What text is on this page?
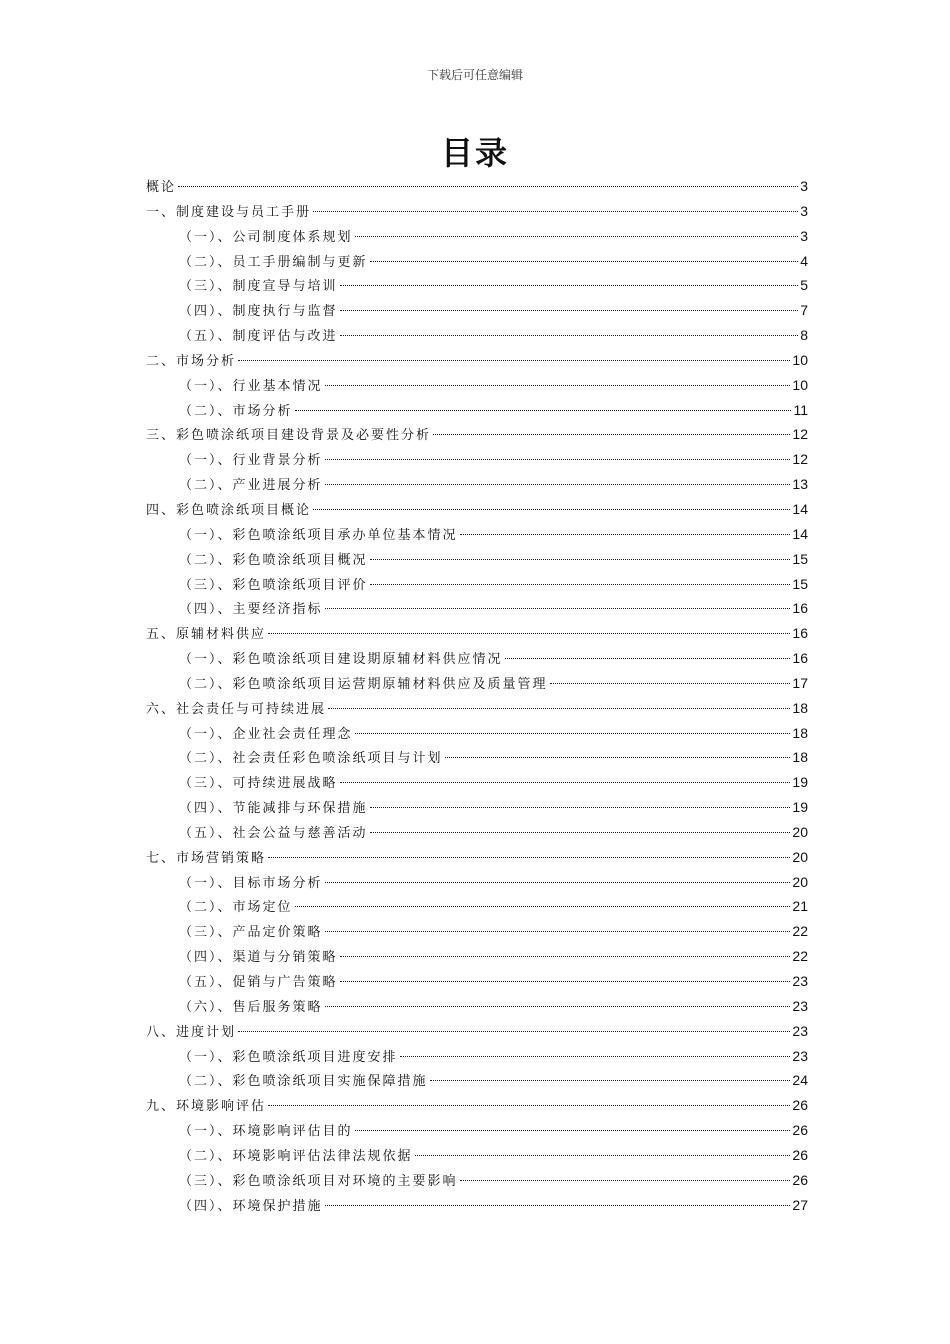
下载后可任意编辑
目录
概论	3
一、制度建设与员工手册	3
（一）、公司制度体系规划	3
（二）、员工手册编制与更新	4
（三）、制度宣导与培训	5
（四）、制度执行与监督	7
（五）、制度评估与改进	8
二、市场分析	10
（一）、行业基本情况	10
（二）、市场分析	11
三、彩色喷涂纸项目建设背景及必要性分析	12
（一）、行业背景分析	12
（二）、产业进展分析	13
四、彩色喷涂纸项目概论	14
（一）、彩色喷涂纸项目承办单位基本情况	14
（二）、彩色喷涂纸项目概况	15
（三）、彩色喷涂纸项目评价	15
（四）、主要经济指标	16
五、原辅材料供应	16
（一）、彩色喷涂纸项目建设期原辅材料供应情况	16
（二）、彩色喷涂纸项目运营期原辅材料供应及质量管理	17
六、社会责任与可持续进展	18
（一）、企业社会责任理念	18
（二）、社会责任彩色喷涂纸项目与计划	18
（三）、可持续进展战略	19
（四）、节能减排与环保措施	19
（五）、社会公益与慈善活动	20
七、市场营销策略	20
（一）、目标市场分析	20
（二）、市场定位	21
（三）、产品定价策略	22
（四）、渠道与分销策略	22
（五）、促销与广告策略	23
（六）、售后服务策略	23
八、进度计划	23
（一）、彩色喷涂纸项目进度安排	23
（二）、彩色喷涂纸项目实施保障措施	24
九、环境影响评估	26
（一）、环境影响评估目的	26
（二）、环境影响评估法律法规依据	26
（三）、彩色喷涂纸项目对环境的主要影响	26
（四）、环境保护措施	27
